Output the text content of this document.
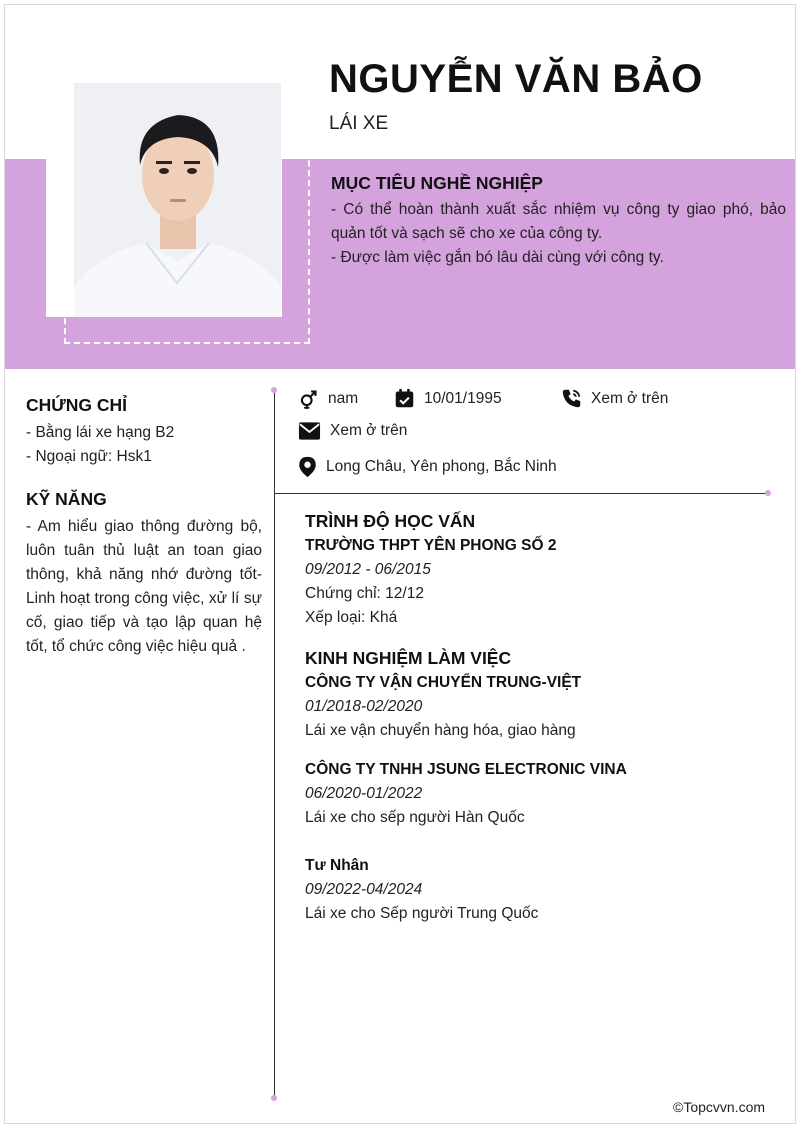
NGUYỄN VĂN BẢO
LÁI XE
MỤC TIÊU NGHỀ NGHIỆP
- Có thể hoàn thành xuất sắc nhiệm vụ công ty giao phó, bảo quản tốt và sạch sẽ cho xe của công ty.
- Được làm việc gắn bó lâu dài cùng với công ty.
CHỨNG CHỈ
- Bằng lái xe hạng B2
- Ngoại ngữ: Hsk1
KỸ NĂNG
- Am hiểu giao thông đường bộ, luôn tuân thủ luật an toan giao thông, khả năng nhớ đường tốt- Linh hoạt trong công việc, xử lí sự cố, giao tiếp và tạo lập quan hệ tốt, tổ chức công việc hiệu quả .
nam	10/01/1995	Xem ở trên
Xem ở trên
Long Châu, Yên phong, Bắc Ninh
TRÌNH ĐỘ HỌC VẤN
TRƯỜNG THPT YÊN PHONG SỐ 2
09/2012 - 06/2015
Chứng chỉ: 12/12
Xếp loại: Khá
KINH NGHIỆM LÀM VIỆC
CÔNG TY VẬN CHUYỂN TRUNG-VIỆT
01/2018-02/2020
Lái xe vận chuyển hàng hóa, giao hàng
CÔNG TY TNHH JSUNG ELECTRONIC VINA
06/2020-01/2022
Lái xe cho sếp người Hàn Quốc
Tư Nhân
09/2022-04/2024
Lái xe cho Sếp người Trung Quốc
©Topcvvn.com
